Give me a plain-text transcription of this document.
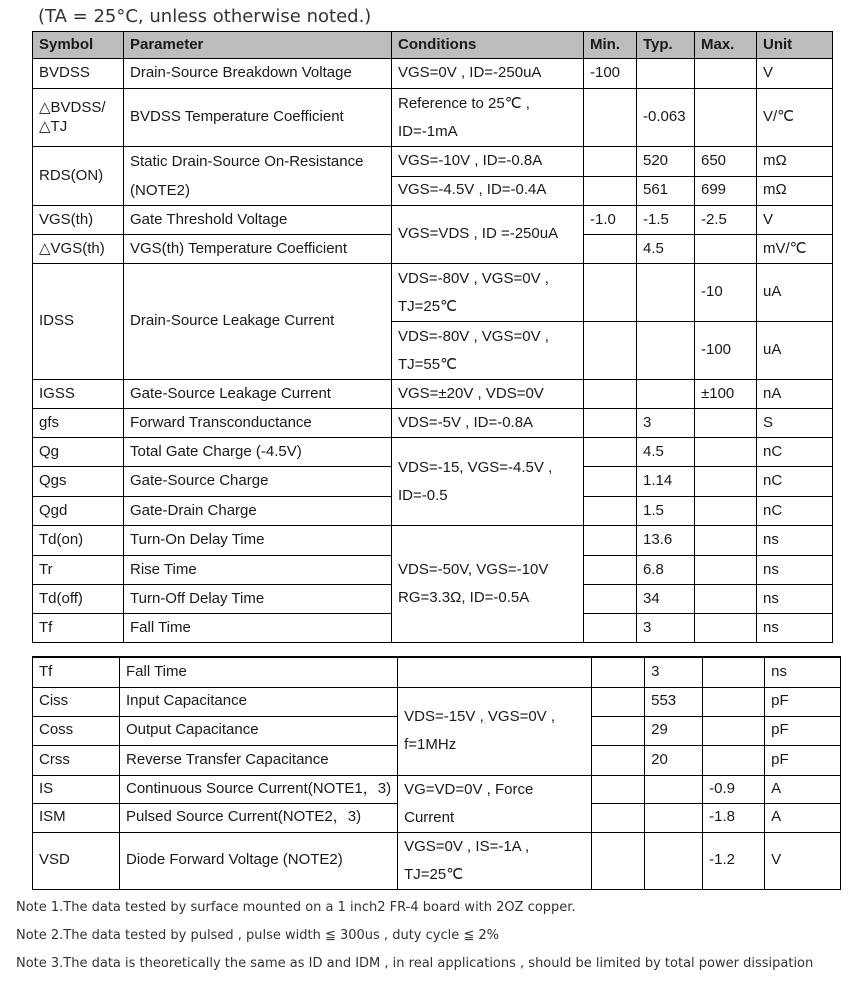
(TA = 25°C, unless otherwise noted.)
Symbol	Parameter	Conditions	Min.	Typ.	Max.	Unit
BVDSS	Drain-Source Breakdown Voltage	VGS=0V , ID=-250uA	-100			V
△BVDSS/△TJ	BVDSS Temperature Coefficient	Reference to 25℃ , ID=-1mA		-0.063		V/℃
RDS(ON)	Static Drain-Source On-Resistance (NOTE2)	VGS=-10V , ID=-0.8A		520	650	mΩ
		VGS=-4.5V , ID=-0.4A		561	699	mΩ
VGS(th)	Gate Threshold Voltage	VGS=VDS , ID =-250uA	-1.0	-1.5	-2.5	V
△VGS(th)	VGS(th) Temperature Coefficient			4.5		mV/℃
IDSS	Drain-Source Leakage Current	VDS=-80V , VGS=0V , TJ=25℃			-10	uA
		VDS=-80V , VGS=0V , TJ=55℃			-100	uA
IGSS	Gate-Source Leakage Current	VGS=±20V , VDS=0V			±100	nA
gfs	Forward Transconductance	VDS=-5V , ID=-0.8A		3		S
Qg	Total Gate Charge (-4.5V)	VDS=-15, VGS=-4.5V , ID=-0.5		4.5		nC
Qgs	Gate-Source Charge			1.14		nC
Qgd	Gate-Drain Charge			1.5		nC
Td(on)	Turn-On Delay Time	VDS=-50V, VGS=-10V RG=3.3Ω, ID=-0.5A		13.6		ns
Tr	Rise Time			6.8		ns
Td(off)	Turn-Off Delay Time			34		ns
Tf	Fall Time			3		ns
Tf	Fall Time			3		ns
Ciss	Input Capacitance	VDS=-15V , VGS=0V , f=1MHz		553		pF
Coss	Output Capacitance			29		pF
Crss	Reverse Transfer Capacitance			20		pF
IS	Continuous Source Current(NOTE1，3)	VG=VD=0V , Force Current			-0.9	A
ISM	Pulsed Source Current(NOTE2，3)				-1.8	A
VSD	Diode Forward Voltage (NOTE2)	VGS=0V , IS=-1A , TJ=25℃			-1.2	V
Note 1.The data tested by surface mounted on a 1 inch2 FR-4 board with 2OZ copper.
Note 2.The data tested by pulsed , pulse width ≦ 300us , duty cycle ≦ 2%
Note 3.The data is theoretically the same as ID and IDM , in real applications , should be limited by total power dissipation
